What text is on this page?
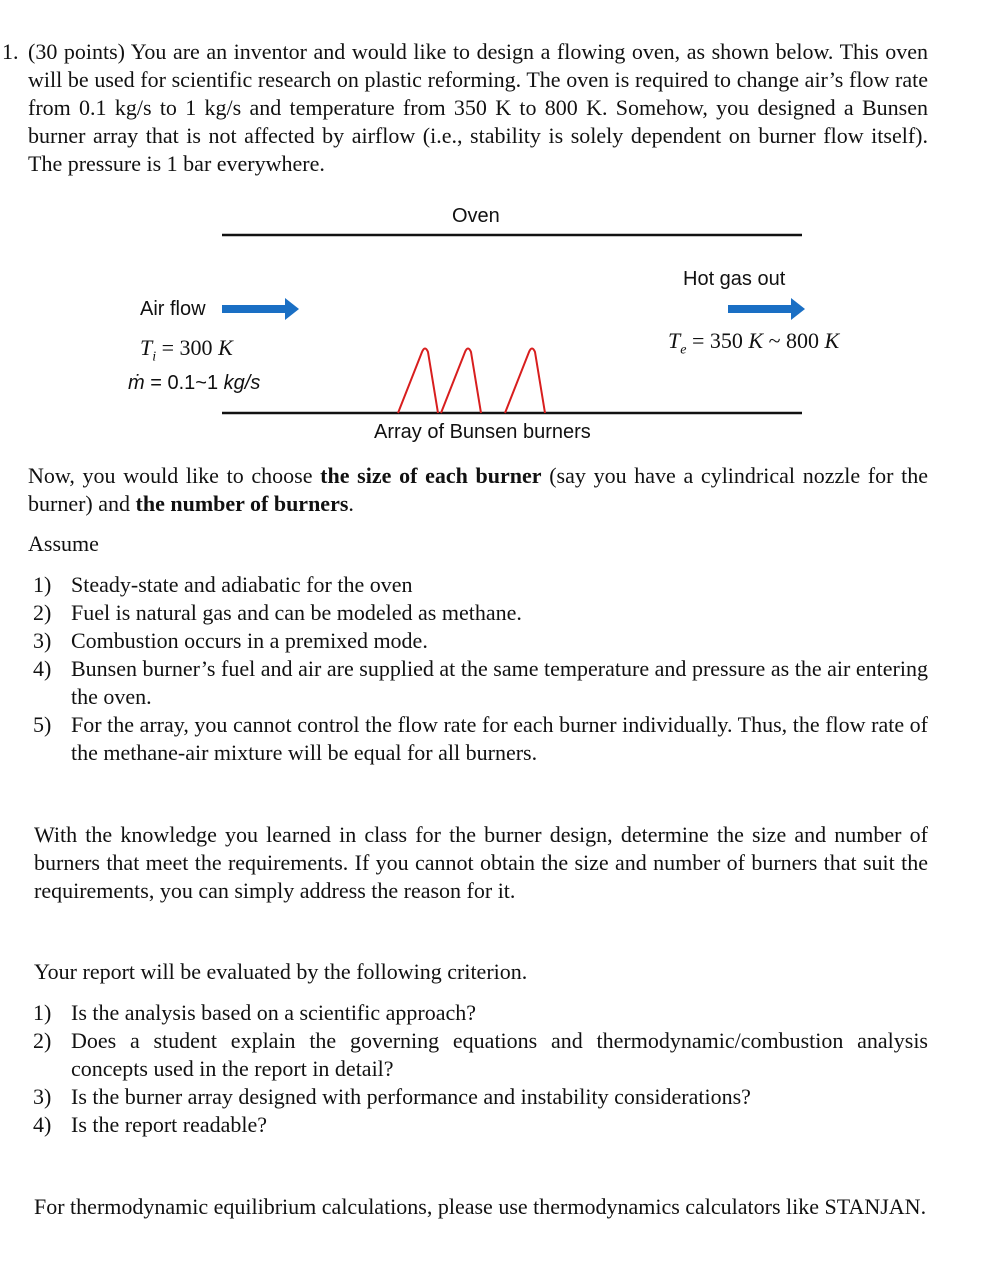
1. (30 points) You are an inventor and would like to design a flowing oven, as shown below. This oven will be used for scientific research on plastic reforming. The oven is required to change air’s flow rate from 0.1 kg/s to 1 kg/s and temperature from 350 K to 800 K. Somehow, you designed a Bunsen burner array that is not affected by airflow (i.e., stability is solely dependent on burner flow itself). The pressure is 1 bar everywhere.
Oven
Air flow
$T_i = 300$ K
ṁ = 0.1~1 kg/s
Hot gas out
$T_e = 350$ K ~ 800 K
Array of Bunsen burners
Now, you would like to choose the size of each burner (say you have a cylindrical nozzle for the burner) and the number of burners.
Assume
1) Steady-state and adiabatic for the oven
2) Fuel is natural gas and can be modeled as methane.
3) Combustion occurs in a premixed mode.
4) Bunsen burner’s fuel and air are supplied at the same temperature and pressure as the air entering the oven.
5) For the array, you cannot control the flow rate for each burner individually. Thus, the flow rate of the methane-air mixture will be equal for all burners.
With the knowledge you learned in class for the burner design, determine the size and number of burners that meet the requirements. If you cannot obtain the size and number of burners that suit the requirements, you can simply address the reason for it.
Your report will be evaluated by the following criterion.
1) Is the analysis based on a scientific approach?
2) Does a student explain the governing equations and thermodynamic/combustion analysis concepts used in the report in detail?
3) Is the burner array designed with performance and instability considerations?
4) Is the report readable?
For thermodynamic equilibrium calculations, please use thermodynamics calculators like STANJAN.
